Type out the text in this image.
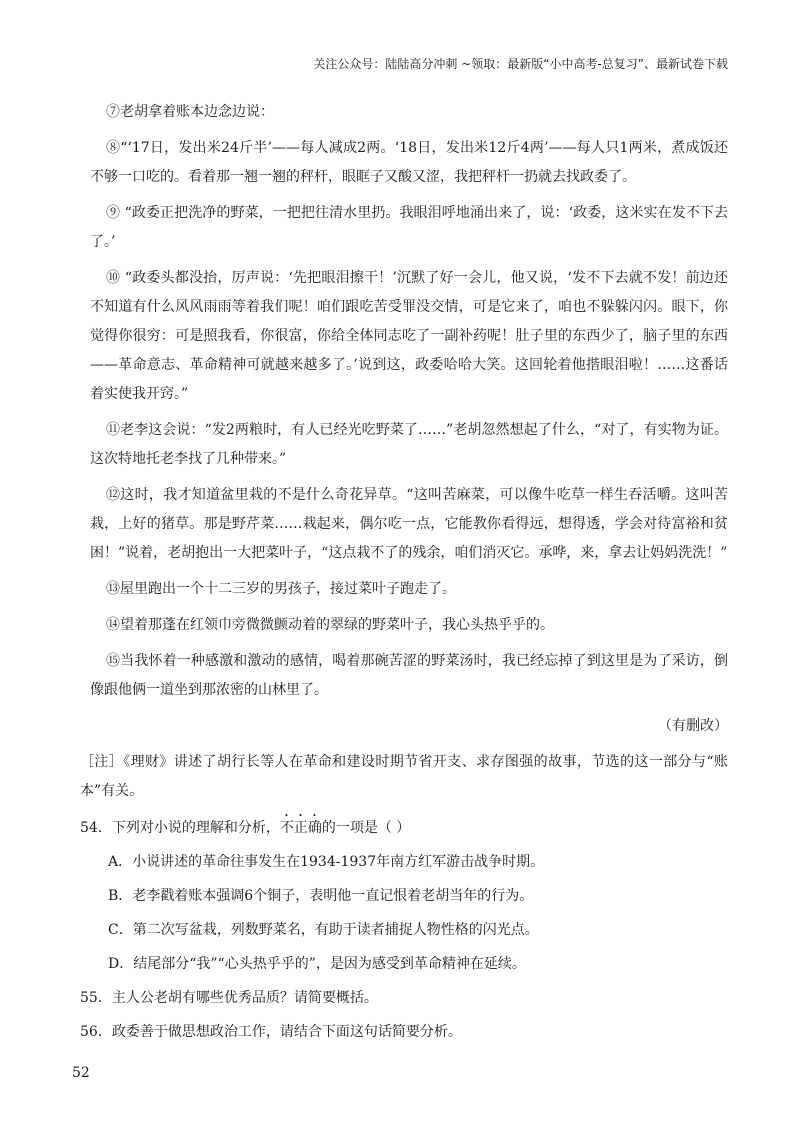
关注公众号：陆陆高分冲刺 ~领取：最新版“小中高考-总复习”、最新试卷下载

⑦老胡拿着账本边念边说：

⑧“‘17日，发出米24斤半’——每人减成2两。‘18日，发出米12斤4两’——每人只1两米，煮成饭还不够一口吃的。看着那一翘一翘的秤杆，眼眶子又酸又涩，我把秤杆一扔就去找政委了。

⑨ “政委正把洗净的野菜，一把把往清水里扔。我眼泪呼地涌出来了，说：‘政委，这米实在发不下去了。’

⑩ “政委头都没抬，厉声说：‘先把眼泪擦干！’沉默了好一会儿，他又说，‘发不下去就不发！前边还不知道有什么风风雨雨等着我们呢！咱们跟吃苦受罪没交情，可是它来了，咱也不躲躲闪闪。眼下，你觉得你很穷：可是照我看，你很富，你给全体同志吃了一副补药呢！肚子里的东西少了，脑子里的东西——革命意志、革命精神可就越来越多了。’说到这，政委哈哈大笑。这回轮着他揩眼泪啦！……这番话着实使我开窍。”

⑪老李这会说：“发2两粮时，有人已经光吃野菜了……”老胡忽然想起了什么，“对了，有实物为证。这次特地托老李找了几种带来。”

⑫这时，我才知道盆里栽的不是什么奇花异草。“这叫苦麻菜，可以像牛吃草一样生吞活嚼。这叫苦栽，上好的猪草。那是野芹菜……栽起来，偶尔吃一点，它能教你看得远，想得透，学会对待富裕和贫困！”说着，老胡抱出一大把菜叶子，“这点栽不了的残余，咱们消灭它。承哗，来，拿去让妈妈洗洗！”

⑬屋里跑出一个十二三岁的男孩子，接过菜叶子跑走了。

⑭望着那蓬在红领巾旁微微颤动着的翠绿的野菜叶子，我心头热乎乎的。

⑮当我怀着一种感激和激动的感情，喝着那碗苦涩的野菜汤时，我已经忘掉了到这里是为了采访，倒像跟他俩一道坐到那浓密的山林里了。

（有删改）

［注］《理财》讲述了胡行长等人在革命和建设时期节省开支、求存图强的故事，节选的这一部分与“账本”有关。

54．下列对小说的理解和分析，不正确的一项是（ ）
A．小说讲述的革命往事发生在1934-1937年南方红军游击战争时期。
B．老李戳着账本强调6个铜子，表明他一直记恨着老胡当年的行为。
C．第二次写盆栽，列数野菜名，有助于读者捕捉人物性格的闪光点。
D．结尾部分“我”“心头热乎乎的”，是因为感受到革命精神在延续。
55．主人公老胡有哪些优秀品质？请简要概括。
56．政委善于做思想政治工作，请结合下面这句话简要分析。
52
